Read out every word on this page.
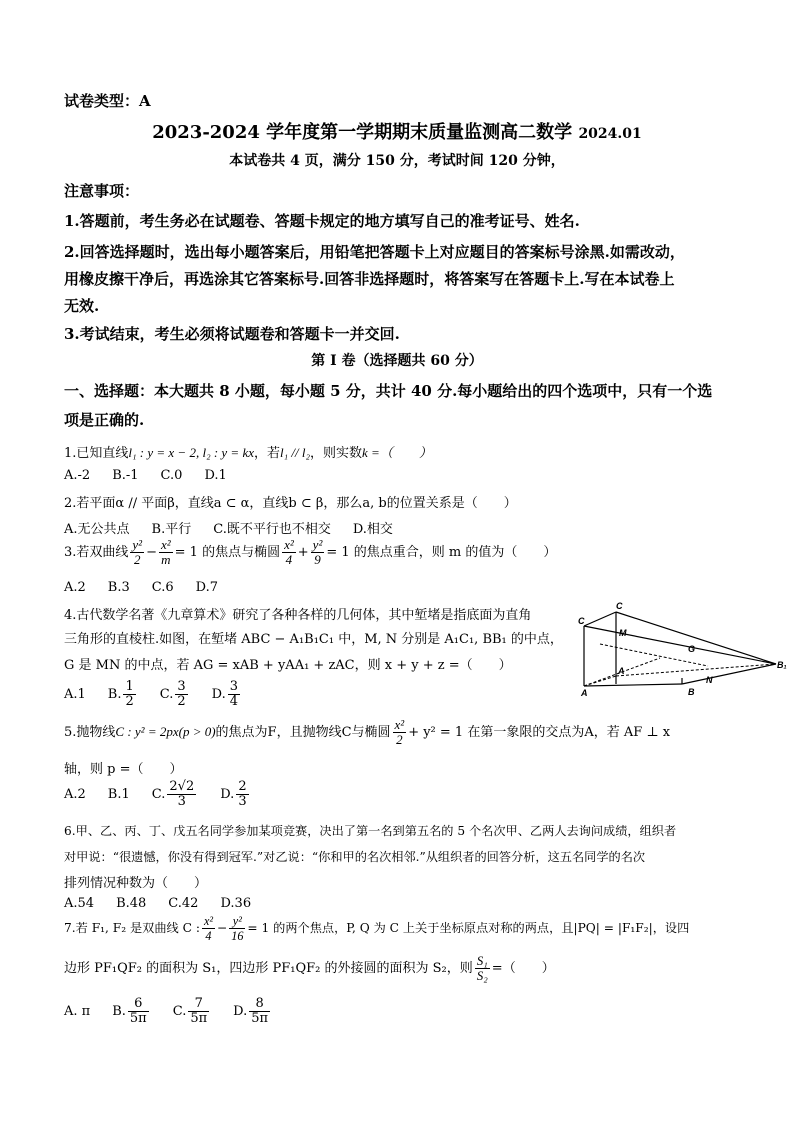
试卷类型：A
2023-2024 学年度第一学期期末质量监测高二数学 2024.01
本试卷共 4 页，满分 150 分，考试时间 120 分钟，
注意事项：
1.答题前，考生务必在试题卷、答题卡规定的地方填写自己的准考证号、姓名.
2.回答选择题时，选出每小题答案后，用铅笔把答题卡上对应题目的答案标号涂黑.如需改动，
用橡皮擦干净后，再选涂其它答案标号.回答非选择题时，将答案写在答题卡上.写在本试卷上
无效.
3.考试结束，考生必须将试题卷和答题卡一并交回.
第 I 卷（选择题共 60 分）
一、选择题：本大题共 8 小题，每小题 5 分，共计 40 分.每小题给出的四个选项中，只有一个选
项是正确的.
1.已知直线l₁ : y = x − 2, l₂ : y = kx，若l₁ // l₂，则实数k =（　　）
A.-2 B.-1 C.0 D.1
2.若平面α // 平面β，直线a ⊂ α，直线b ⊂ β，那么a, b的位置关系是（　　）
A.无公共点 B.平行 C.既不平行也不相交 D.相交
3.若双曲线 $\frac{\text{y²}}{2} - \frac{\text{x²}}{m} = 1$ 的焦点与椭圆 $\frac{\text{x²}}{4} + \frac{\text{y²}}{9} = 1$ 的焦点重合，则 m 的值为（　　）
A.2 B.3 C.6 D.7
4.古代数学名著《九章算术》研究了各种各样的几何体，其中堑堵是指底面为直角
三角形的直棱柱.如图，在堑堵 ABC − A₁B₁C₁ 中，M, N 分别是 A₁C₁, BB₁ 的中点，
G 是 MN 的中点，若 AG = xAB + yAA₁ + zAC，则 x + y + z =（　　）
A.1 B. $\frac{1}{2} C$. $\frac{3}{2} D$. $\frac{3}{4}$
C
C
M
A
G
B₁
A	B
N
5.抛物线C : y² = 2px(p > 0)的焦点为F，且抛物线C与椭圆 $\frac{\text{x²}}{2} + y^2 = 1$ 在第一象限的交点为A，若 AF ⊥ x
轴，则 p =（　　）
A.2 B.1 C. $\frac{2√2}{3} D$. $\frac{2}{3}$
6.甲、乙、丙、丁、戊五名同学参加某项竞赛，决出了第一名到第五名的 5 个名次甲、乙两人去询问成绩，组织者
对甲说：“很遗憾，你没有得到冠军.”对乙说：“你和甲的名次相邻.”从组织者的回答分析，这五名同学的名次
排列情况种数为（　　）
A.54 B.48 C.42 D.36
7.若 F₁, F₂ 是双曲线 C : $\frac{\text{x²}}{4} - \frac{\text{y²}}{16} = 1$ 的两个焦点，P, Q 为 C 上关于坐标原点对称的两点，且|PQ| = |F₁F₂|，设四
边形 PF₁QF₂ 的面积为 S₁，四边形 PF₁QF₂ 的外接圆的面积为 S₂，则 $\frac{\text{S₁}}{\text{S₂}}$ =（　　）
A. π B. $\frac{6}{5\pi} C$. $\frac{7}{5\pi} D$. $\frac{8}{5\pi}$
